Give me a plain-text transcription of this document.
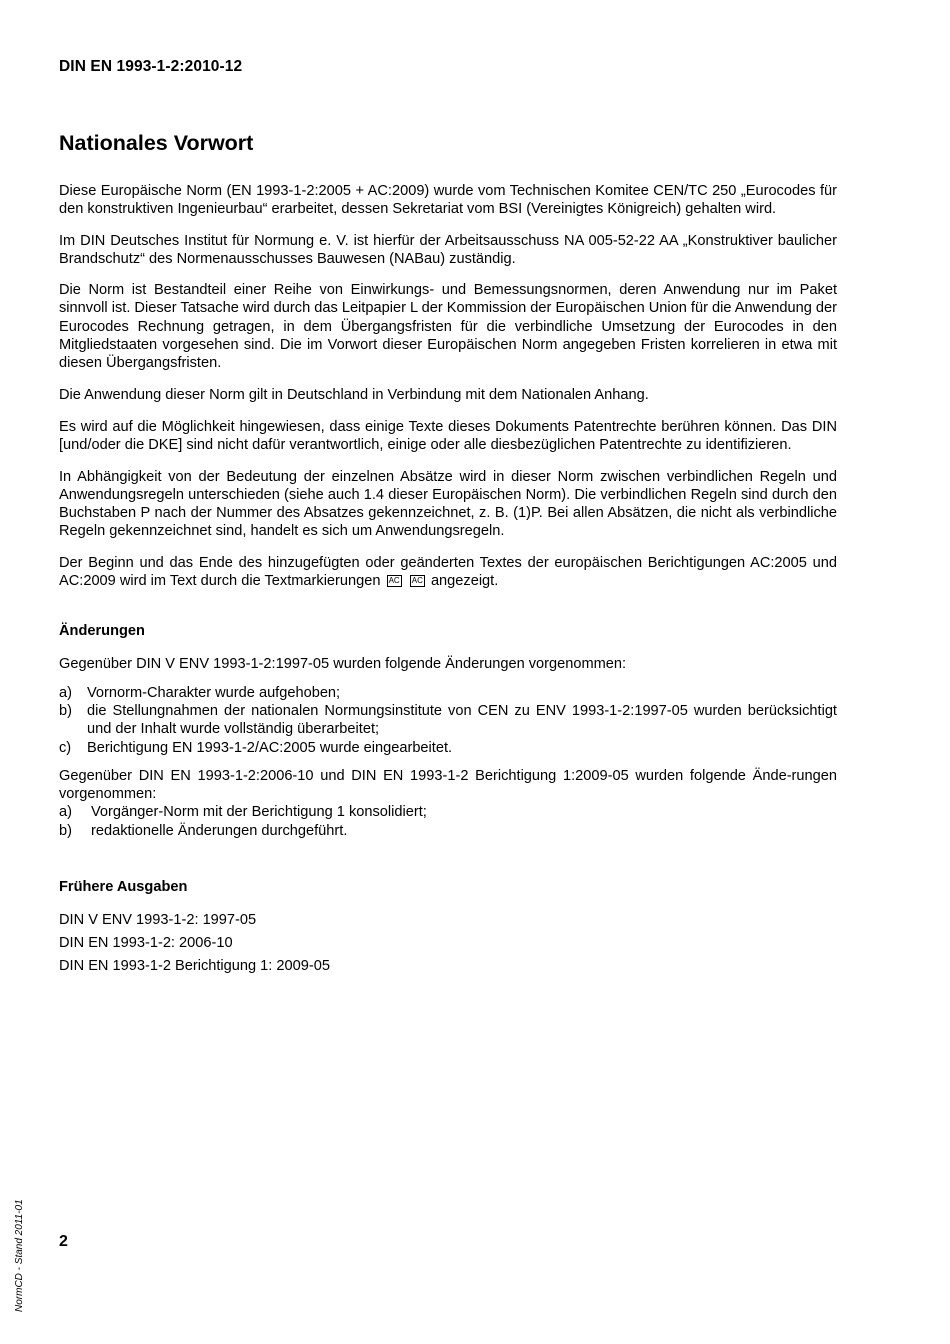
DIN EN 1993-1-2:2010-12
Nationales Vorwort

Diese Europäische Norm (EN 1993-1-2:2005 + AC:2009) wurde vom Technischen Komitee CEN/TC 250 „Eurocodes für den konstruktiven Ingenieurbau“ erarbeitet, dessen Sekretariat vom BSI (Vereinigtes Königreich) gehalten wird.

Im DIN Deutsches Institut für Normung e. V. ist hierfür der Arbeitsausschuss NA 005-52-22 AA „Konstruktiver baulicher Brandschutz“ des Normenausschusses Bauwesen (NABau) zuständig.

Die Norm ist Bestandteil einer Reihe von Einwirkungs- und Bemessungsnormen, deren Anwendung nur im Paket sinnvoll ist. Dieser Tatsache wird durch das Leitpapier L der Kommission der Europäischen Union für die Anwendung der Eurocodes Rechnung getragen, in dem Übergangsfristen für die verbindliche Umsetzung der Eurocodes in den Mitgliedstaaten vorgesehen sind. Die im Vorwort dieser Europäischen Norm angegeben Fristen korrelieren in etwa mit diesen Übergangsfristen.

Die Anwendung dieser Norm gilt in Deutschland in Verbindung mit dem Nationalen Anhang.

Es wird auf die Möglichkeit hingewiesen, dass einige Texte dieses Dokuments Patentrechte berühren können. Das DIN [und/oder die DKE] sind nicht dafür verantwortlich, einige oder alle diesbezüglichen Patentrechte zu identifizieren.

In Abhängigkeit von der Bedeutung der einzelnen Absätze wird in dieser Norm zwischen verbindlichen Regeln und Anwendungsregeln unterschieden (siehe auch 1.4 dieser Europäischen Norm). Die verbindlichen Regeln sind durch den Buchstaben P nach der Nummer des Absatzes gekennzeichnet, z. B. (1)P. Bei allen Absätzen, die nicht als verbindliche Regeln gekennzeichnet sind, handelt es sich um Anwendungsregeln.

Der Beginn und das Ende des hinzugefügten oder geänderten Textes der europäischen Berichtigungen AC:2005 und AC:2009 wird im Text durch die Textmarkierungen AC AC angezeigt.

Änderungen

Gegenüber DIN V ENV 1993-1-2:1997-05 wurden folgende Änderungen vorgenommen:

a)	Vornorm-Charakter wurde aufgehoben;
b)	die Stellungnahmen der nationalen Normungsinstitute von CEN zu ENV 1993-1-2:1997-05 wurden berücksichtigt und der Inhalt wurde vollständig überarbeitet;
c)	Berichtigung EN 1993-1-2/AC:2005 wurde eingearbeitet.

Gegenüber DIN EN 1993-1-2:2006-10 und DIN EN 1993-1-2 Berichtigung 1:2009-05 wurden folgende Ände-rungen vorgenommen:

a)	Vorgänger-Norm mit der Berichtigung 1 konsolidiert;
b)	redaktionelle Änderungen durchgeführt.
Frühere Ausgaben

DIN V ENV 1993-1-2: 1997-05

DIN EN 1993-1-2: 2006-10

DIN EN 1993-1-2 Berichtigung 1: 2009-05

2
NormCD - Stand 2011-01
